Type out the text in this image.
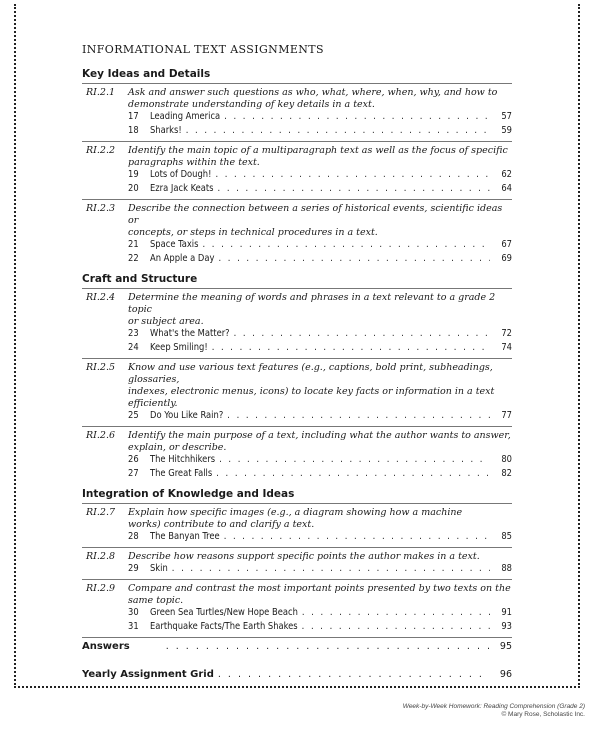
INFORMATIONAL TEXT ASSIGNMENTS
Key Ideas and Details
RI.2.1	Ask and answer such questions as who, what, where, when, why, and how to
demonstrate understanding of key details in a text.
17	Leading America . . .	57
18	Sharks! . . .	59
RI.2.2	Identify the main topic of a multiparagraph text as well as the focus of specific
paragraphs within the text.
19	Lots of Dough! . . .	62
20	Ezra Jack Keats . . .	64
RI.2.3	Describe the connection between a series of historical events, scientific ideas or
concepts, or steps in technical procedures in a text.
21	Space Taxis . . .	67
22	An Apple a Day . . .	69
Craft and Structure
RI.2.4	Determine the meaning of words and phrases in a text relevant to a grade 2 topic
or subject area.
23	What's the Matter? . . .	72
24	Keep Smiling! . . .	74
RI.2.5	Know and use various text features (e.g., captions, bold print, subheadings, glossaries,
indexes, electronic menus, icons) to locate key facts or information in a text efficiently.
25	Do You Like Rain? . . .	77
RI.2.6	Identify the main purpose of a text, including what the author wants to answer,
explain, or describe.
26	The Hitchhikers . . .	80
27	The Great Falls . . .	82
Integration of Knowledge and Ideas
RI.2.7	Explain how specific images (e.g., a diagram showing how a machine
works) contribute to and clarify a text.
28	The Banyan Tree . . .	85
RI.2.8	Describe how reasons support specific points the author makes in a text.
29	Skin . . .	88
RI.2.9	Compare and contrast the most important points presented by two texts on the
same topic.
30	Green Sea Turtles/New Hope Beach . . .	91
31	Earthquake Facts/The Earth Shakes . . .	93
Answers . . .	95
Yearly Assignment Grid . . .	96
Week-by-Week Homework: Reading Comprehension (Grade 2)
© Mary Rose, Scholastic Inc.
